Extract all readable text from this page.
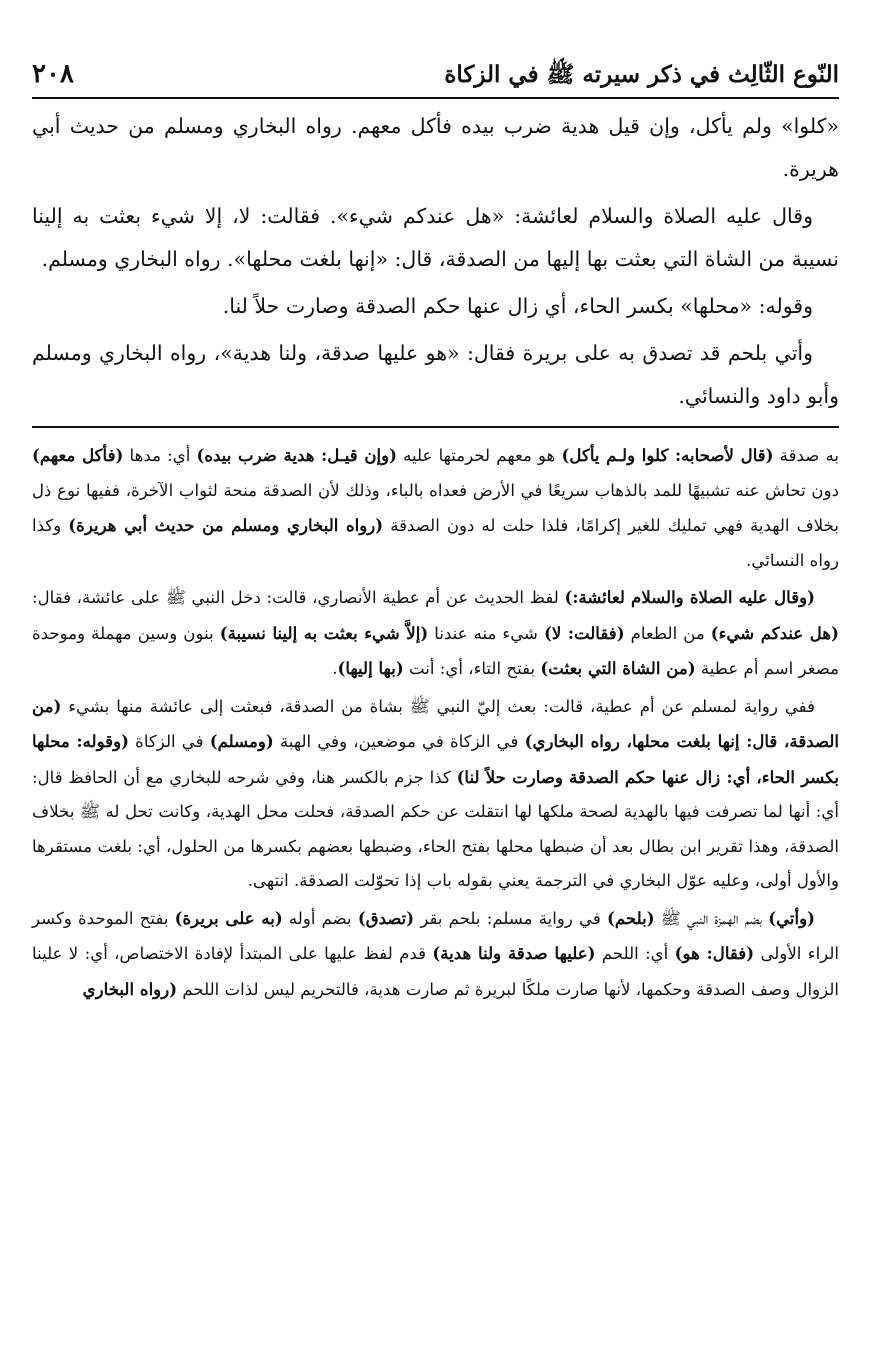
النّوع الثّالِث في ذكر سيرته ﷺ في الزكاة
٢٠٨

«كلوا» ولم يأكل، وإن قيل هدية ضرب بيده فأكل معهم. رواه البخاري ومسلم من حديث أبي هريرة.

وقال عليه الصلاة والسلام لعائشة: «هل عندكم شيء». فقالت: لا، إلا شيء بعثت به إلينا نسيبة من الشاة التي بعثت بها إليها من الصدقة، قال: «إنها بلغت محلها». رواه البخاري ومسلم.

وقوله: «محلها» بكسر الحاء، أي زال عنها حكم الصدقة وصارت حلاً لنا.

وأتي بلحم قد تصدق به على بريرة فقال: «هو عليها صدقة، ولنا هدية»، رواه البخاري ومسلم وأبو داود والنسائي.

به صدقة (قال لأصحابه: كلوا ولـم يأكل) هو معهم لحرمتها عليه (وإن قيـل: هدية ضرب بيده) أي: مدها (فأكل معهم) دون تحاش عنه تشبيهًا للمد بالذهاب سريعًا في الأرض فعداه بالباء، وذلك لأن الصدقة منحة لثواب الآخرة، ففيها نوع ذل بخلاف الهدية فهي تمليك للغير إكرامًا، فلذا حلت له دون الصدقة (رواه البخاري ومسلم من حديث أبي هريرة) وكذا رواه النسائي.

(وقال عليه الصلاة والسلام لعائشة:) لفظ الحديث عن أم عطية الأنصاري، قالت: دخل النبي ﷺ على عائشة، فقال: (هل عندكم شيء) من الطعام (فقالت: لا) شيء منه عندنا (إلاَّ شيء بعثت به إلينا نسيبة) بنون وسين مهملة وموحدة مصغر اسم أم عطية (من الشاة التي بعثت) بفتح التاء، أي: أنت (بها إليها).

ففي رواية لمسلم عن أم عطية، قالت: بعث إليّ النبي ﷺ بشاة من الصدقة، فبعثت إلى عائشة منها بشيء (من الصدقة، قال: إنها بلغت محلها، رواه البخاري) في الزكاة في موضعين، وفي الهبة (ومسلم) في الزكاة (وقوله: محلها بكسر الحاء، أي: زال عنها حكم الصدقة وصارت حلاً لنا) كذا جزم بالكسر هنا، وفي شرحه للبخاري مع أن الحافظ قال: أي: أنها لما تصرفت فيها بالهدية لصحة ملكها لها انتقلت عن حكم الصدقة، فحلت محل الهدية، وكانت تحل له ﷺ بخلاف الصدقة، وهذا تقرير ابن بطال بعد أن ضبطها محلها بفتح الحاء، وضبطها بعضهم بكسرها من الحلول، أي: بلغت مستقرها والأول أولى، وعليه عوّل البخاري في الترجمة يعني بقوله باب إذا تحوّلت الصدقة. انتهى.

(وأتي) بضم الهمزة النبي ﷺ (بلحم) في رواية مسلم: بلحم بقر (تصدق) بضم أوله (به على بريرة) بفتح الموحدة وكسر الراء الأولى (فقال: هو) أي: اللحم (عليها صدقة ولنا هدية) قدم لفظ عليها على المبتدأ لإفادة الاختصاص، أي: لا علينا الزوال وصف الصدقة وحكمها، لأنها صارت ملكًا لبريرة ثم صارت هدية، فالتحريم ليس لذات اللحم (رواه البخاري
